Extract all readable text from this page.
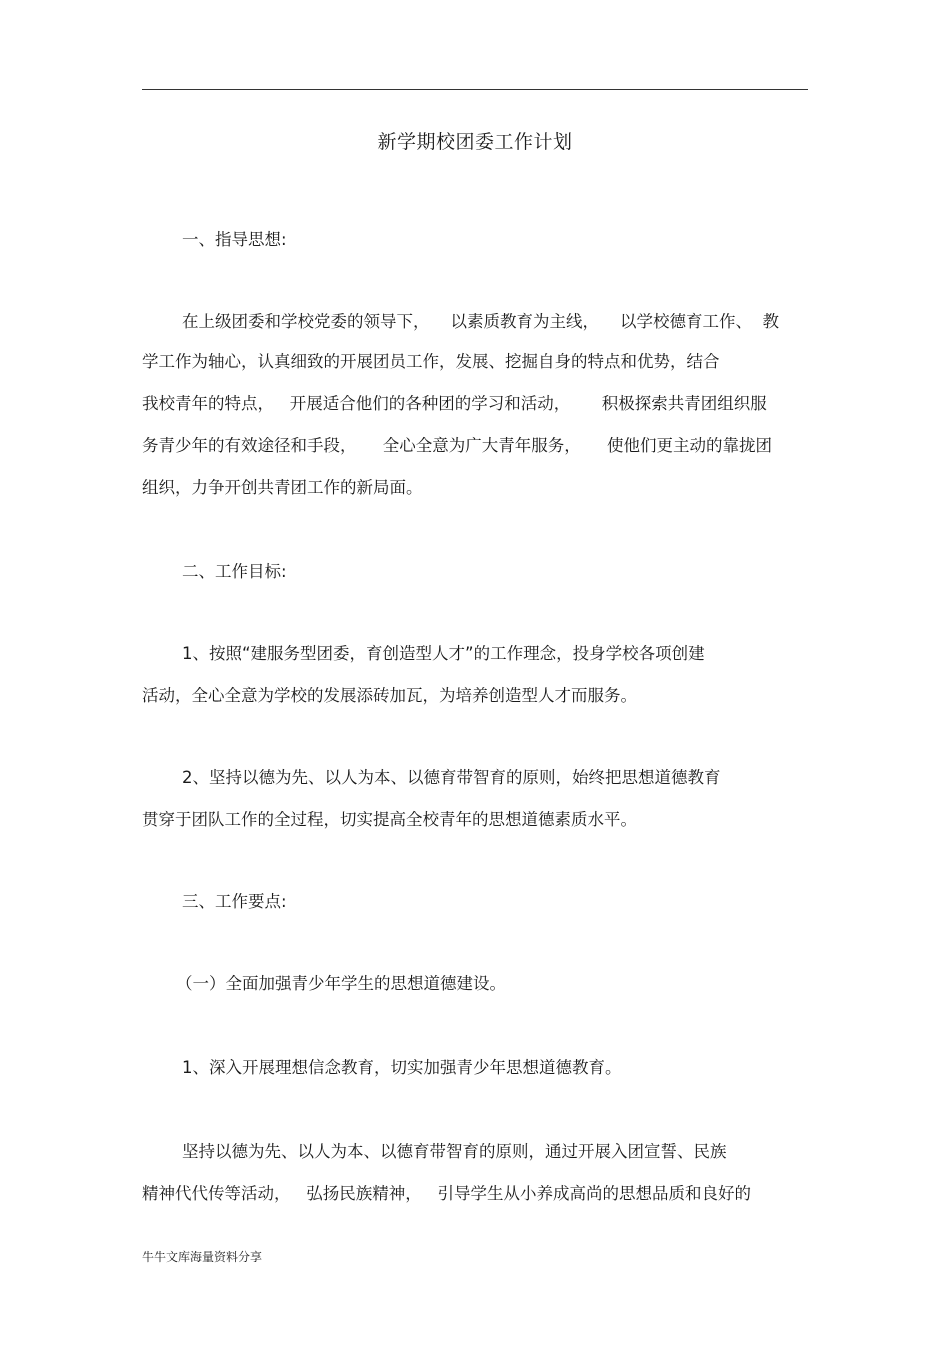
新学期校团委工作计划
一、指导思想:
在上级团委和学校党委的领导下，    以素质教育为主线，    以学校德育工作、  教
学工作为轴心，认真细致的开展团员工作，发展、挖掘自身的特点和优势，结合
我校青年的特点，   开展适合他们的各种团的学习和活动，      积极探索共青团组织服
务青少年的有效途径和手段，     全心全意为广大青年服务，     使他们更主动的靠拢团
组织，力争开创共青团工作的新局面。
二、工作目标:
1、按照“建服务型团委，育创造型人才”的工作理念，投身学校各项创建
活动，全心全意为学校的发展添砖加瓦，为培养创造型人才而服务。
2、坚持以德为先、以人为本、以德育带智育的原则，始终把思想道德教育
贯穿于团队工作的全过程，切实提高全校青年的思想道德素质水平。
三、工作要点:
（一）全面加强青少年学生的思想道德建设。
1、深入开展理想信念教育，切实加强青少年思想道德教育。
坚持以德为先、以人为本、以德育带智育的原则，通过开展入团宣誓、民族
精神代代传等活动，   弘扬民族精神，   引导学生从小养成高尚的思想品质和良好的
牛牛文库海量资料分享
